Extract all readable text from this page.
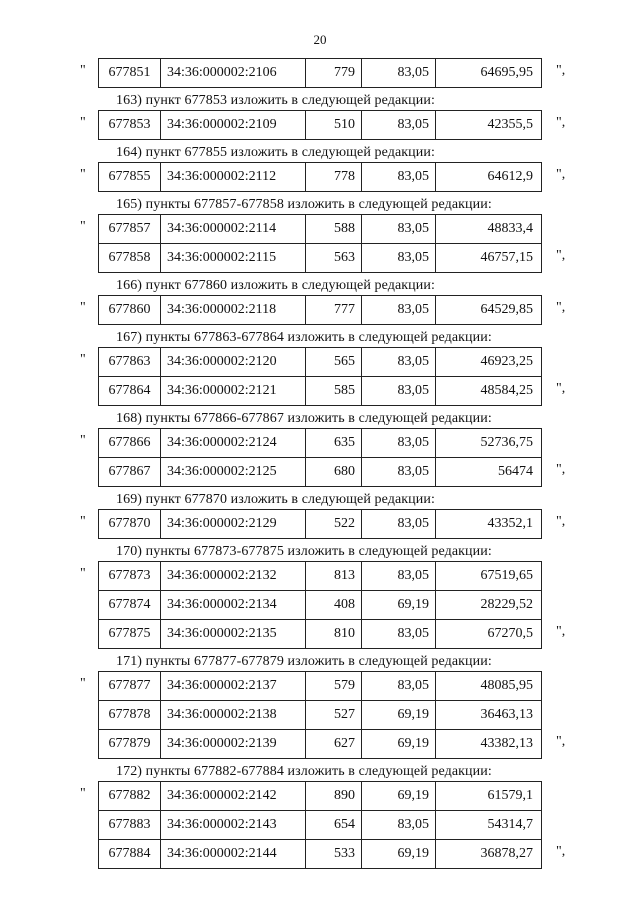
20
"	677851	34:36:000002:2106	779	83,05	64695,95	",
163) пункт 677853 изложить в следующей редакции:
"	677853	34:36:000002:2109	510	83,05	42355,5	",
164) пункт 677855 изложить в следующей редакции:
"	677855	34:36:000002:2112	778	83,05	64612,9	",
165) пункты 677857-677858 изложить в следующей редакции:
"	677857	34:36:000002:2114	588	83,05	48833,4
677858	34:36:000002:2115	563	83,05	46757,15	",
166) пункт 677860 изложить в следующей редакции:
"	677860	34:36:000002:2118	777	83,05	64529,85	",
167) пункты 677863-677864 изложить в следующей редакции:
"	677863	34:36:000002:2120	565	83,05	46923,25
677864	34:36:000002:2121	585	83,05	48584,25	",
168) пункты 677866-677867 изложить в следующей редакции:
"	677866	34:36:000002:2124	635	83,05	52736,75
677867	34:36:000002:2125	680	83,05	56474	",
169) пункт 677870 изложить в следующей редакции:
"	677870	34:36:000002:2129	522	83,05	43352,1	",
170) пункты 677873-677875 изложить в следующей редакции:
"	677873	34:36:000002:2132	813	83,05	67519,65
677874	34:36:000002:2134	408	69,19	28229,52
677875	34:36:000002:2135	810	83,05	67270,5	",
171) пункты 677877-677879 изложить в следующей редакции:
"	677877	34:36:000002:2137	579	83,05	48085,95
677878	34:36:000002:2138	527	69,19	36463,13
677879	34:36:000002:2139	627	69,19	43382,13	",
172) пункты 677882-677884 изложить в следующей редакции:
"	677882	34:36:000002:2142	890	69,19	61579,1
677883	34:36:000002:2143	654	83,05	54314,7
677884	34:36:000002:2144	533	69,19	36878,27	",
